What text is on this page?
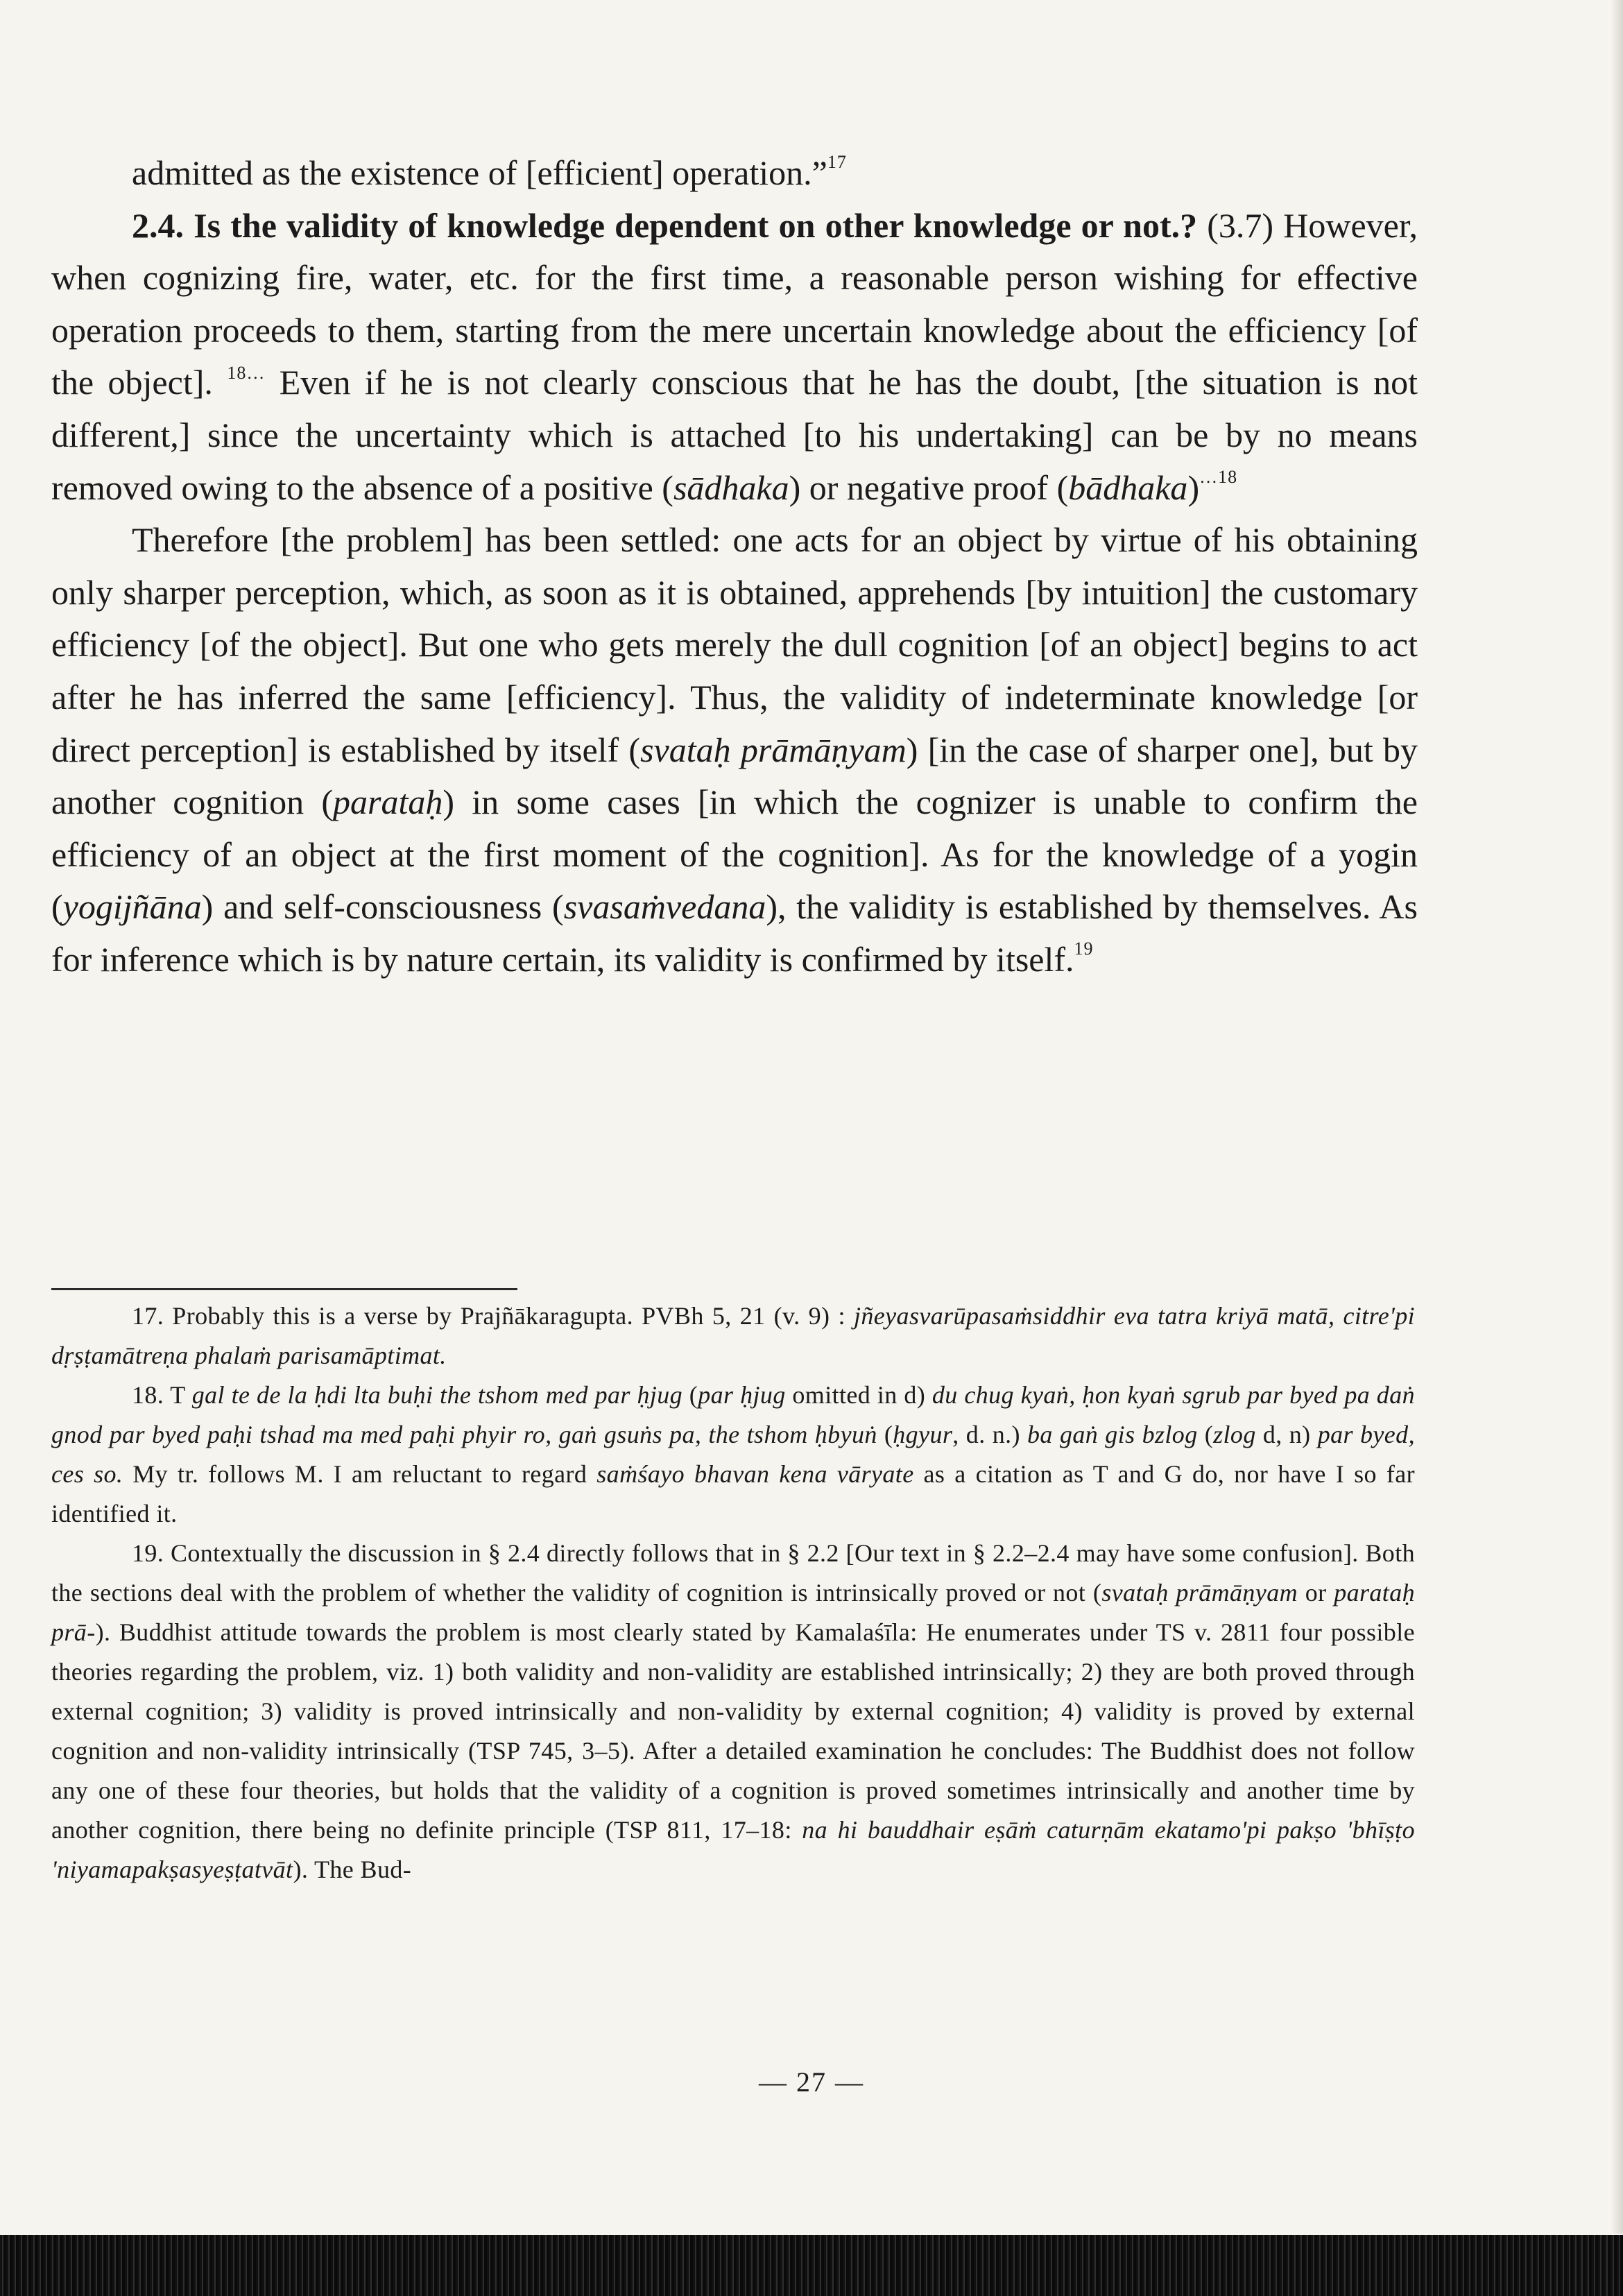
admitted as the existence of [efficient] operation.”$^{17}$

2.4. Is the validity of knowledge dependent on other knowledge or not.? (3.7) However, when cognizing fire, water, etc. for the first time, a reasonable person wishing for effective operation proceeds to them, starting from the mere uncertain knowledge about the efficiency [of the object]. $^{18\dots}$ Even if he is not clearly conscious that he has the doubt, [the situation is not different,] since the uncertainty which is attached [to his undertaking] can be by no means removed owing to the absence of a positive (sādhaka) or negative proof (bādhaka)$^{\dots 18}$

Therefore [the problem] has been settled: one acts for an object by virtue of his obtaining only sharper perception, which, as soon as it is obtained, apprehends [by intuition] the customary efficiency [of the object]. But one who gets merely the dull cognition [of an object] begins to act after he has inferred the same [efficiency]. Thus, the validity of indeterminate knowledge [or direct perception] is established by itself (svataḥ prāmāṇyam) [in the case of sharper one], but by another cognition (parataḥ) in some cases [in which the cognizer is unable to confirm the efficiency of an object at the first moment of the cognition]. As for the knowledge of a yogin (yogijñāna) and self-consciousness (svasaṁvedana), the validity is established by themselves. As for inference which is by nature certain, its validity is confirmed by itself.$^{19}$

17. Probably this is a verse by Prajñākaragupta. PVBh 5, 21 (v. 9) : jñeyasvarūpasaṁsiddhir eva tatra kriyā matā, citre'pi dṛṣṭamātreṇa phalaṁ parisamāptimat.

18. T gal te de la ḥdi lta buḥi the tshom med par ḥjug (par ḥjug omitted in d) du chug kyaṅ, ḥon kyaṅ sgrub par byed pa daṅ gnod par byed paḥi tshad ma med paḥi phyir ro, gaṅ gsuṅs pa, the tshom ḥbyuṅ (ḥgyur, d. n.) ba gaṅ gis bzlog (zlog d, n) par byed, ces so. My tr. follows M. I am reluctant to regard saṁśayo bhavan kena vāryate as a citation as T and G do, nor have I so far identified it.

19. Contextually the discussion in § 2.4 directly follows that in § 2.2 [Our text in § 2.2–2.4 may have some confusion]. Both the sections deal with the problem of whether the validity of cognition is intrinsically proved or not (svataḥ prāmāṇyam or parataḥ prā-). Buddhist attitude towards the problem is most clearly stated by Kamalaśīla: He enumerates under TS v. 2811 four possible theories regarding the problem, viz. 1) both validity and non-validity are established intrinsically; 2) they are both proved through external cognition; 3) validity is proved intrinsically and non-validity by external cognition; 4) validity is proved by external cognition and non-validity intrinsically (TSP 745, 3–5). After a detailed examination he concludes: The Buddhist does not follow any one of these four theories, but holds that the validity of a cognition is proved sometimes intrinsically and another time by another cognition, there being no definite principle (TSP 811, 17–18: na hi bauddhair eṣāṁ caturṇām ekatamo'pi pakṣo 'bhīṣṭo 'niyamapakṣasyeṣṭatvāt). The Bud-

— 27 —
